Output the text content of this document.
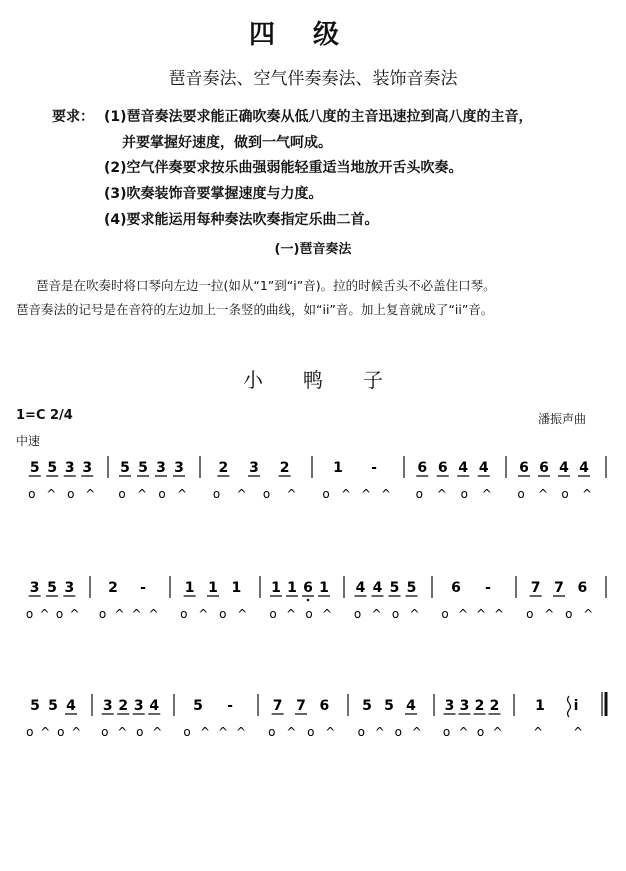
四级
琶音奏法、空气伴奏奏法、装饰音奏法
要求： (1)琶音奏法要求能正确吹奏从低八度的主音迅速拉到高八度的主音，
并要掌握好速度，做到一气呵成。
(2)空气伴奏要求按乐曲强弱能轻重适当地放开舌头吹奏。
(3)吹奏装饰音要掌握速度与力度。
(4)要求能运用每种奏法吹奏指定乐曲二首。
(一)琶音奏法
琶音是在吹奏时将口琴向左边一拉(如从“1”到“i”音)。拉的时候舌头不必盖住口琴。
琶音奏法的记号是在音符的左边加上一条竖的曲线，如“ⅰi”音。加上复音就成了“ⅰi”音。
小鸭子
1=C 2/4
中速
潘振声曲
5 5 3 3
o ^ o ^
5 5 3 3
o ^ o ^
2 3 2
o ^ o ^
1 -
o ^ ^ ^
6 6 4 4
o ^ o ^
6 6 4 4
o ^ o ^
3 5 3
o ^ o ^
2 -
o ^ ^ ^
1 1 1
o ^ o ^
1 1 6 1
o ^ o ^
4 4 5 5
o ^ o ^
6 -
o ^ ^ ^
7 7 6
o ^ o ^
5 5 4
o ^ o ^
3 2 3 4
o ^ o ^
5 -
o ^ ^ ^
7 7 6
o ^ o ^
5 5 4
o ^ o ^
3 3 2 2
o ^ o ^
1 i
^ ^
